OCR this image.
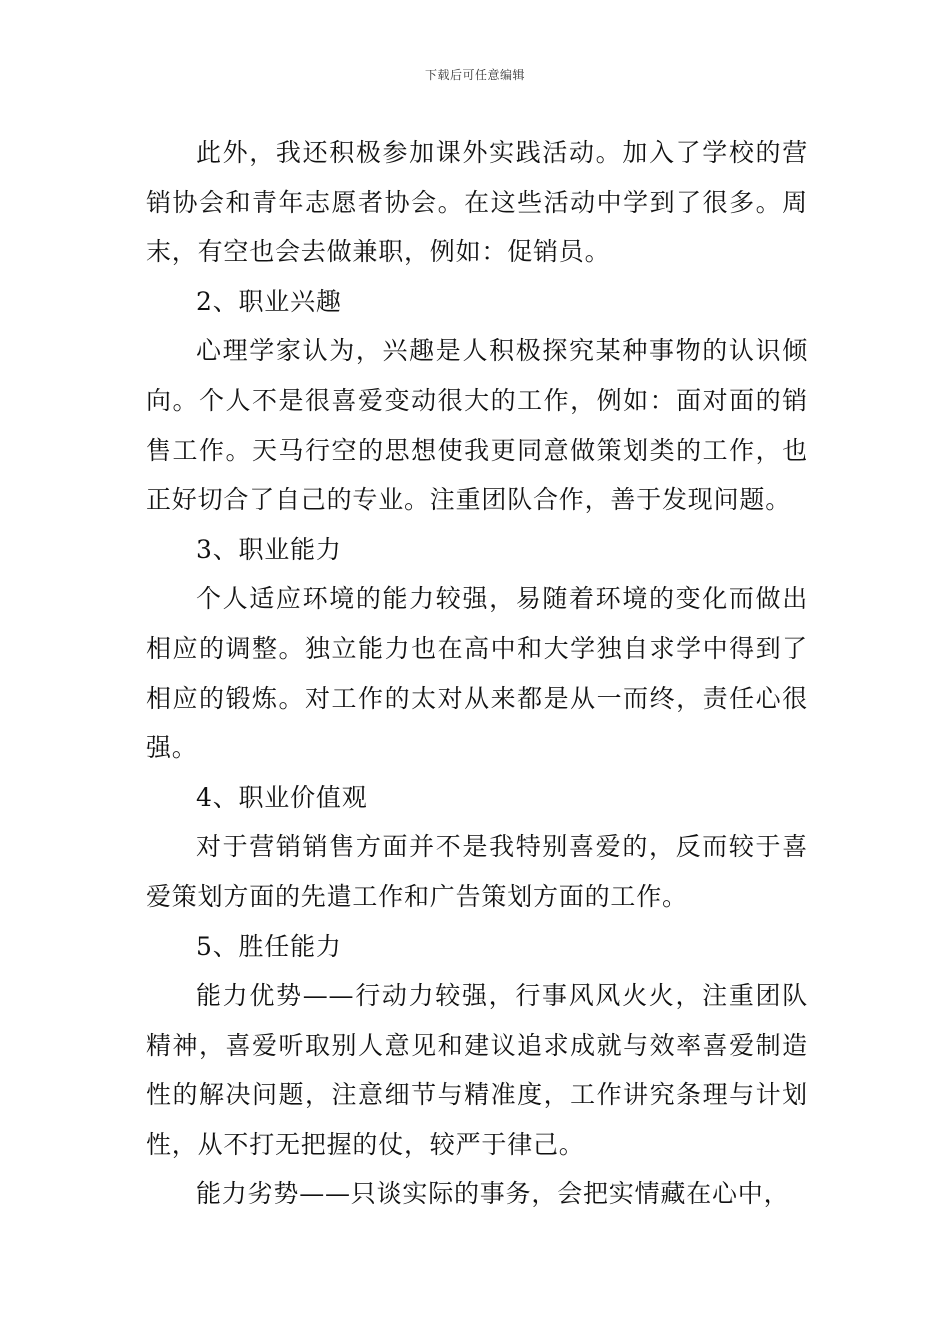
下载后可任意编辑

此外，我还积极参加课外实践活动。加入了学校的营销协会和青年志愿者协会。在这些活动中学到了很多。周末，有空也会去做兼职，例如：促销员。

2、职业兴趣

心理学家认为，兴趣是人积极探究某种事物的认识倾向。个人不是很喜爱变动很大的工作，例如：面对面的销售工作。天马行空的思想使我更同意做策划类的工作，也正好切合了自己的专业。注重团队合作，善于发现问题。

3、职业能力

个人适应环境的能力较强，易随着环境的变化而做出相应的调整。独立能力也在高中和大学独自求学中得到了相应的锻炼。对工作的太对从来都是从一而终，责任心很强。

4、职业价值观

对于营销销售方面并不是我特别喜爱的，反而较于喜爱策划方面的先遣工作和广告策划方面的工作。

5、胜任能力

能力优势——行动力较强，行事风风火火，注重团队精神，喜爱听取别人意见和建议追求成就与效率喜爱制造性的解决问题，注意细节与精准度，工作讲究条理与计划性，从不打无把握的仗，较严于律己。

能力劣势——只谈实际的事务，会把实情藏在心中，
